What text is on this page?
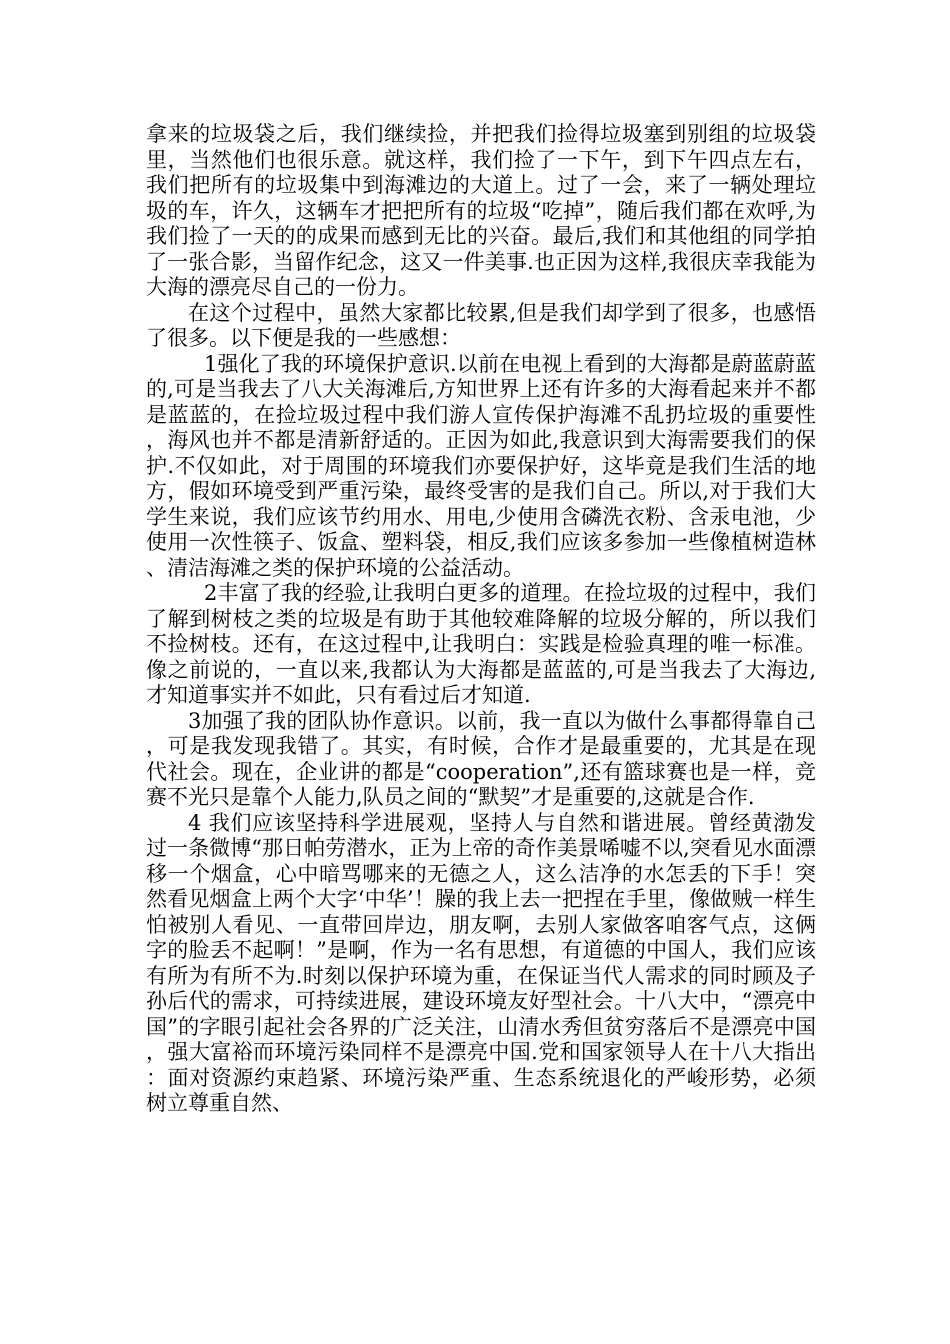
拿来的垃圾袋之后，我们继续捡，并把我们捡得垃圾塞到别组的垃圾袋里，当然他们也很乐意。就这样，我们捡了一下午，到下午四点左右，我们把所有的垃圾集中到海滩边的大道上。过了一会，来了一辆处理垃圾的车，许久，这辆车才把把所有的垃圾“吃掉”，随后我们都在欢呼,为我们捡了一天的的成果而感到无比的兴奋。最后,我们和其他组的同学拍了一张合影，当留作纪念，这又一件美事.也正因为这样,我很庆幸我能为大海的漂亮尽自己的一份力。

在这个过程中，虽然大家都比较累,但是我们却学到了很多，也感悟了很多。以下便是我的一些感想：

1强化了我的环境保护意识.以前在电视上看到的大海都是蔚蓝蔚蓝的,可是当我去了八大关海滩后,方知世界上还有许多的大海看起来并不都是蓝蓝的，在捡垃圾过程中我们游人宣传保护海滩不乱扔垃圾的重要性，海风也并不都是清新舒适的。正因为如此,我意识到大海需要我们的保护.不仅如此，对于周围的环境我们亦要保护好，这毕竟是我们生活的地方，假如环境受到严重污染，最终受害的是我们自己。所以,对于我们大学生来说，我们应该节约用水、用电,少使用含磷洗衣粉、含汞电池，少使用一次性筷子、饭盒、塑料袋，相反,我们应该多参加一些像植树造林、清洁海滩之类的保护环境的公益活动。

2丰富了我的经验,让我明白更多的道理。在捡垃圾的过程中，我们了解到树枝之类的垃圾是有助于其他较难降解的垃圾分解的，所以我们不捡树枝。还有，在这过程中,让我明白：实践是检验真理的唯一标准。像之前说的，一直以来,我都认为大海都是蓝蓝的,可是当我去了大海边,才知道事实并不如此，只有看过后才知道.

3加强了我的团队协作意识。以前，我一直以为做什么事都得靠自己，可是我发现我错了。其实，有时候，合作才是最重要的，尤其是在现代社会。现在，企业讲的都是“cooperation”,还有篮球赛也是一样，竞赛不光只是靠个人能力,队员之间的“默契”才是重要的,这就是合作.

4 我们应该坚持科学进展观，坚持人与自然和谐进展。曾经黄渤发过一条微博“那日帕劳潜水，正为上帝的奇作美景唏嘘不以,突看见水面漂移一个烟盒，心中暗骂哪来的无德之人，这么洁净的水怎丢的下手！突然看见烟盒上两个大字‘中华’！臊的我上去一把捏在手里，像做贼一样生怕被别人看见、一直带回岸边，朋友啊，去别人家做客咱客气点，这俩字的脸丢不起啊！”是啊，作为一名有思想，有道德的中国人，我们应该有所为有所不为.时刻以保护环境为重，在保证当代人需求的同时顾及子孙后代的需求，可持续进展，建设环境友好型社会。十八大中，“漂亮中国”的字眼引起社会各界的广泛关注，山清水秀但贫穷落后不是漂亮中国，强大富裕而环境污染同样不是漂亮中国.党和国家领导人在十八大指出：面对资源约束趋紧、环境污染严重、生态系统退化的严峻形势，必须树立尊重自然、
